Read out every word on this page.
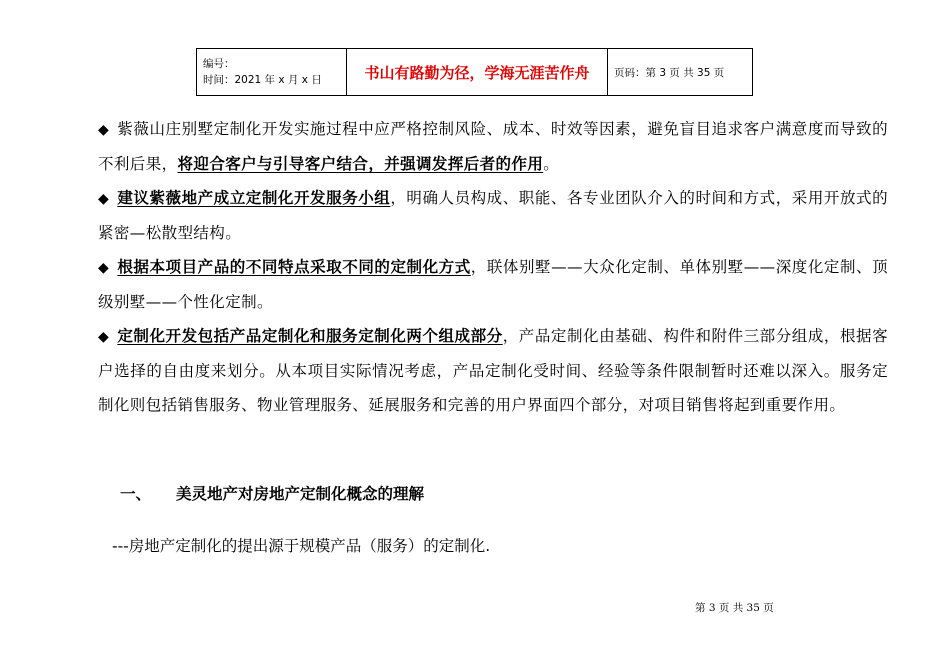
编号：
时间：2021 年 x 月 x 日	书山有路勤为径，学海无涯苦作舟	页码：第 3 页 共 35 页

◆ 紫薇山庄别墅定制化开发实施过程中应严格控制风险、成本、时效等因素，避免盲目追求客户满意度而导致的不利后果，将迎合客户与引导客户结合，并强调发挥后者的作用。

◆ 建议紫薇地产成立定制化开发服务小组，明确人员构成、职能、各专业团队介入的时间和方式，采用开放式的紧密—松散型结构。

◆ 根据本项目产品的不同特点采取不同的定制化方式，联体别墅——大众化定制、单体别墅——深度化定制、顶级别墅——个性化定制。

◆ 定制化开发包括产品定制化和服务定制化两个组成部分，产品定制化由基础、构件和附件三部分组成，根据客户选择的自由度来划分。从本项目实际情况考虑，产品定制化受时间、经验等条件限制暂时还难以深入。服务定制化则包括销售服务、物业管理服务、延展服务和完善的用户界面四个部分，对项目销售将起到重要作用。

一、 美灵地产对房地产定制化概念的理解
---房地产定制化的提出源于规模产品（服务）的定制化.
第 3 页 共 35 页
